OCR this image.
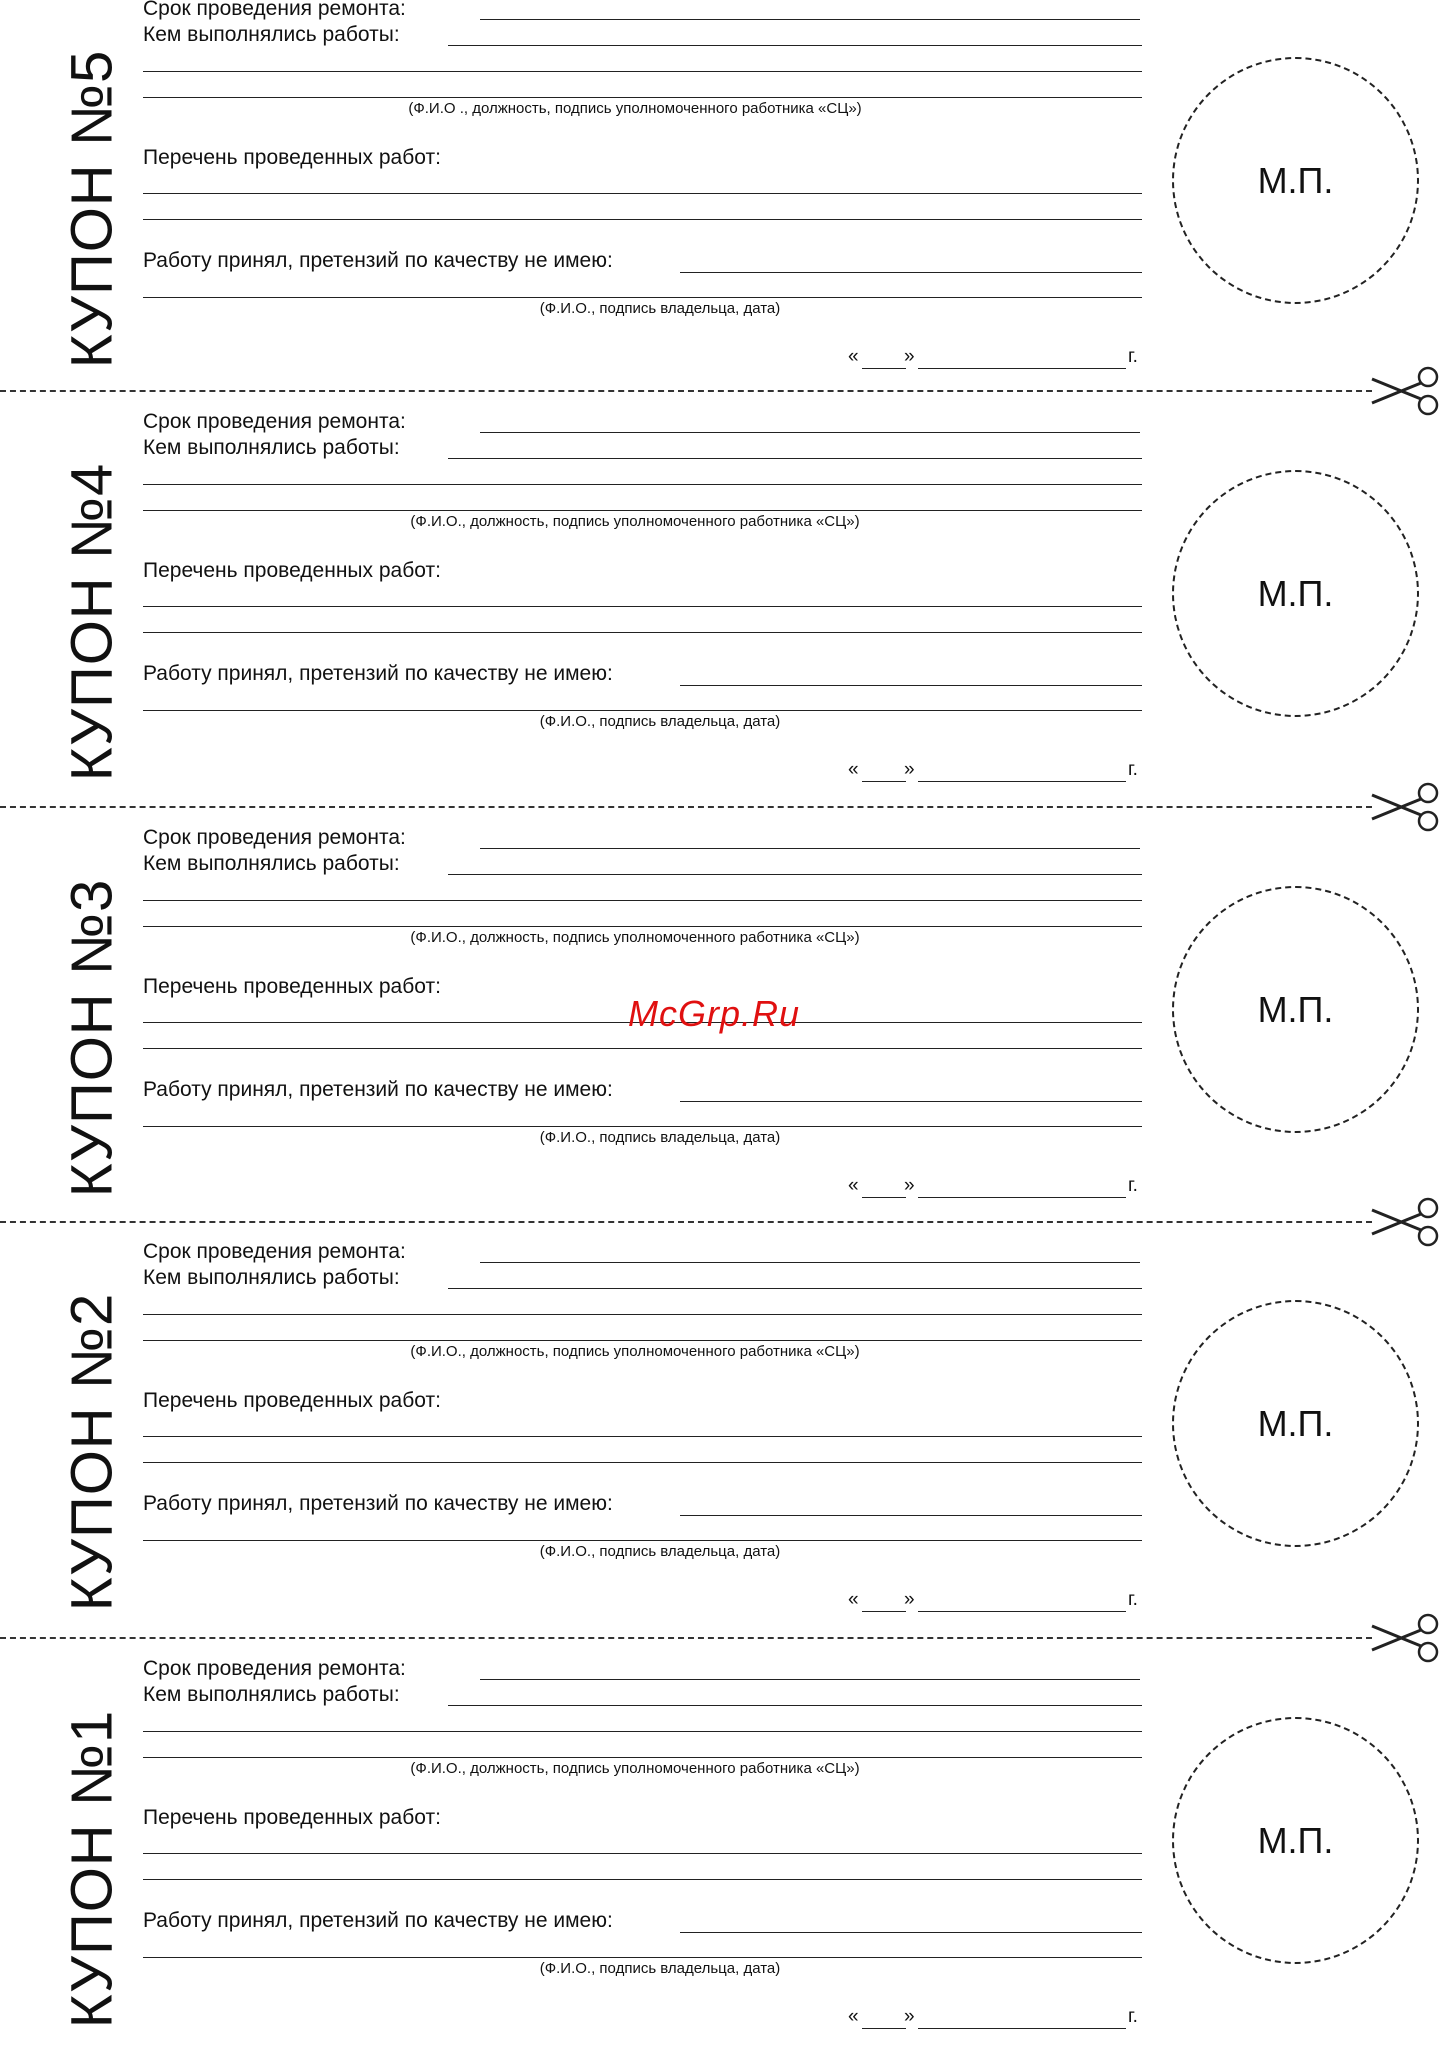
КУПОН №5
Срок проведения ремонта:
Кем выполнялись работы:
(Ф.И.О ., должность, подпись уполномоченного работника «СЦ»)
Перечень проведенных работ:
Работу принял, претензий по качеству не имею:
(Ф.И.О., подпись владельца, дата)
М.П.
« »	г.
КУПОН №4
Срок проведения ремонта:
Кем выполнялись работы:
(Ф.И.О., должность, подпись уполномоченного работника «СЦ»)
Перечень проведенных работ:
Работу принял, претензий по качеству не имею:
(Ф.И.О., подпись владельца, дата)
М.П.
« »	г.
КУПОН №3
Срок проведения ремонта:
Кем выполнялись работы:
(Ф.И.О., должность, подпись уполномоченного работника «СЦ»)
Перечень проведенных работ:
Работу принял, претензий по качеству не имею:
(Ф.И.О., подпись владельца, дата)
М.П.
« »	г.
КУПОН №2
Срок проведения ремонта:
Кем выполнялись работы:
(Ф.И.О., должность, подпись уполномоченного работника «СЦ»)
Перечень проведенных работ:
Работу принял, претензий по качеству не имею:
(Ф.И.О., подпись владельца, дата)
М.П.
« »	г.
КУПОН №1
Срок проведения ремонта:
Кем выполнялись работы:
(Ф.И.О., должность, подпись уполномоченного работника «СЦ»)
Перечень проведенных работ:
Работу принял, претензий по качеству не имею:
(Ф.И.О., подпись владельца, дата)
М.П.
« »	г.
McGrp.Ru
